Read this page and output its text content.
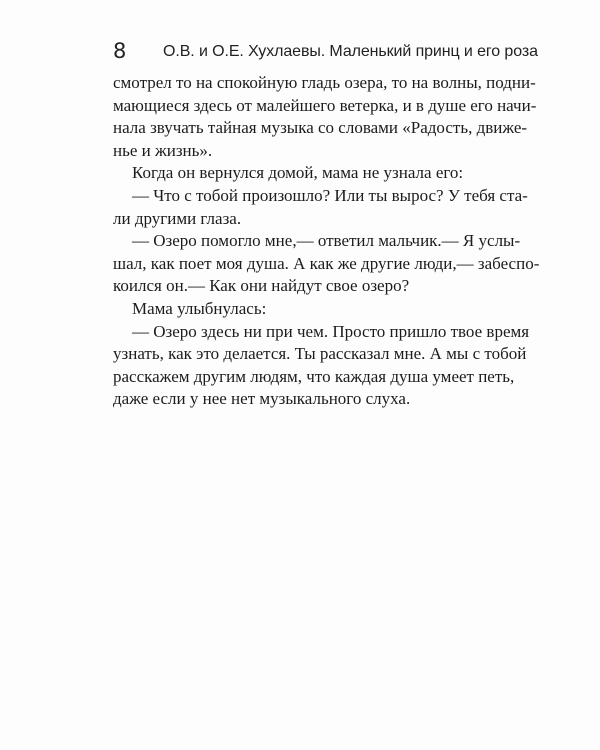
8 О.В. и О.Е. Хухлаевы. Маленький принц и его роза
смотрел то на спокойную гладь озера, то на волны, подни-
мающиеся здесь от малейшего ветерка, и в душе его начи-
нала звучать тайная музыка со словами «Радость, движе-
нье и жизнь».
Когда он вернулся домой, мама не узнала его:
— Что с тобой произошло? Или ты вырос? У тебя ста-
ли другими глаза.
— Озеро помогло мне,— ответил мальчик.— Я услы-
шал, как поет моя душа. А как же другие люди,— забеспо-
коился он.— Как они найдут свое озеро?
Мама улыбнулась:
— Озеро здесь ни при чем. Просто пришло твое время
узнать, как это делается. Ты рассказал мне. А мы с тобой
расскажем другим людям, что каждая душа умеет петь,
даже если у нее нет музыкального слуха.
